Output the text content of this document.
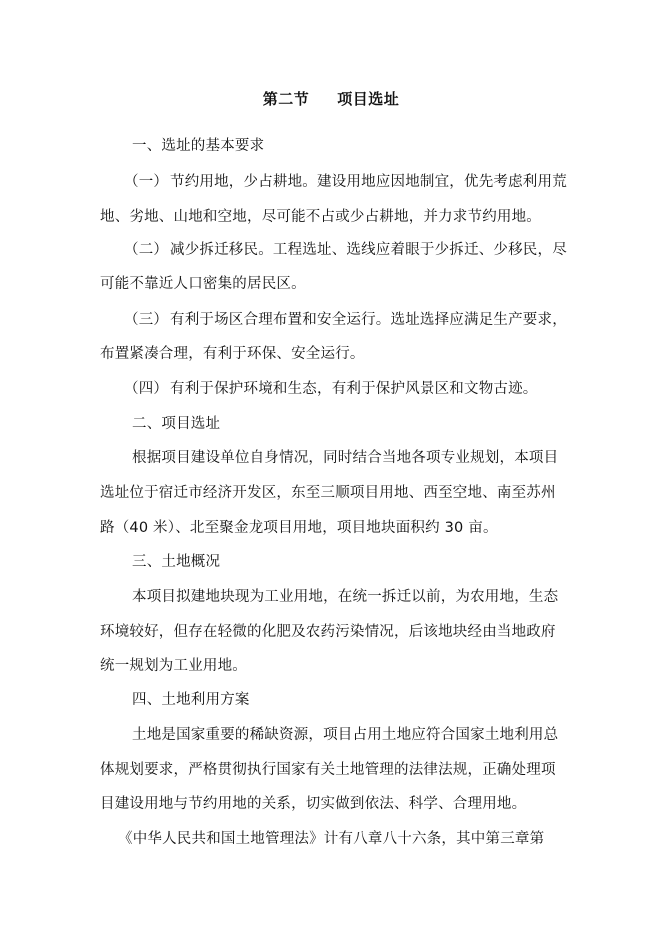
第二节 项目选址
一、选址的基本要求
（一） 节约用地，少占耕地。建设用地应因地制宜，优先考虑利用荒
地、劣地、山地和空地，尽可能不占或少占耕地，并力求节约用地。
（二） 减少拆迁移民。工程选址、选线应着眼于少拆迁、少移民，尽
可能不靠近人口密集的居民区。
（三） 有利于场区合理布置和安全运行。选址选择应满足生产要求，
布置紧凑合理，有利于环保、安全运行。
（四） 有利于保护环境和生态，有利于保护风景区和文物古迹。
二、项目选址
根据项目建设单位自身情况，同时结合当地各项专业规划，本项目
选址位于宿迁市经济开发区，东至三顺项目用地、西至空地、南至苏州
路（40 米）、北至聚金龙项目用地，项目地块面积约 30 亩。
三、土地概况
本项目拟建地块现为工业用地，在统一拆迁以前，为农用地，生态
环境较好，但存在轻微的化肥及农药污染情况，后该地块经由当地政府
统一规划为工业用地。
四、土地利用方案
土地是国家重要的稀缺资源，项目占用土地应符合国家土地利用总
体规划要求，严格贯彻执行国家有关土地管理的法律法规，正确处理项
目建设用地与节约用地的关系，切实做到依法、科学、合理用地。
《中华人民共和国土地管理法》计有八章八十六条，其中第三章第
